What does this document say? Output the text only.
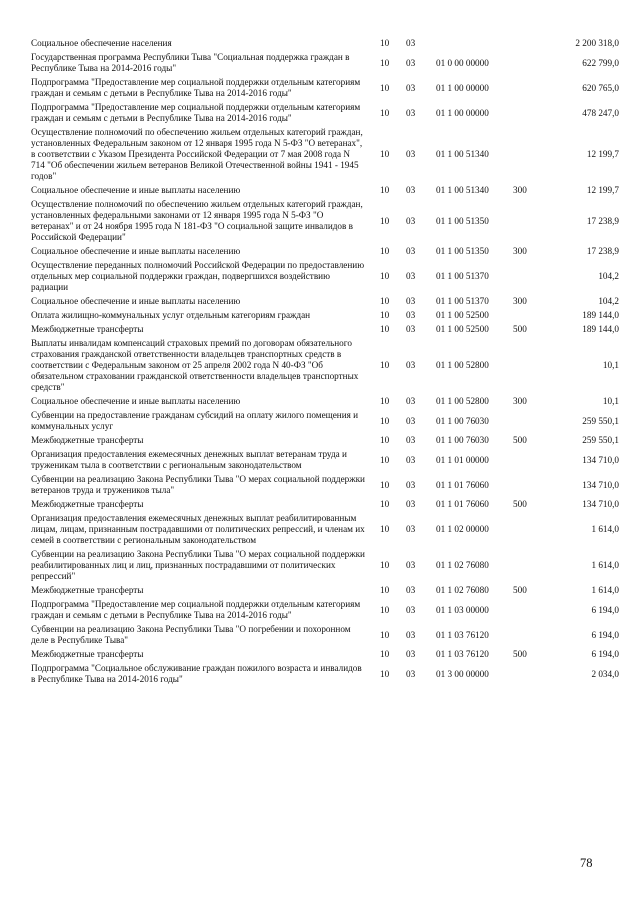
Социальное обеспечение населения	10	03			2 200 318,0
Государственная программа Республики Тыва "Социальная поддержка граждан в Республике Тыва на 2014-2016 годы"	10	03	01 0 00 00000		622 799,0
Подпрограмма "Предоставление мер социальной поддержки отдельным категориям граждан и семьям с детьми в Республике Тыва на 2014-2016 годы"	10	03	01 1 00 00000		620 765,0
Подпрограмма "Предоставление мер социальной поддержки отдельным категориям граждан и семьям с детьми в Республике Тыва на 2014-2016 годы"	10	03	01 1 00 00000		478 247,0
Осуществление полномочий по обеспечению жильем отдельных категорий граждан, установленных Федеральным законом от 12 января 1995 года N 5-ФЗ "О ветеранах", в соответствии с Указом Президента Российской Федерации от 7 мая 2008 года N 714 "Об обеспечении жильем ветеранов Великой Отечественной войны 1941 - 1945 годов"	10	03	01 1 00 51340		12 199,7
Социальное обеспечение и иные выплаты населению	10	03	01 1 00 51340	300	12 199,7
Осуществление полномочий по обеспечению жильем отдельных категорий граждан, установленных федеральными законами от 12 января 1995 года N 5-ФЗ "О ветеранах" и от 24 ноября 1995 года N 181-ФЗ "О социальной защите инвалидов в Российской Федерации"	10	03	01 1 00 51350		17 238,9
Социальное обеспечение и иные выплаты населению	10	03	01 1 00 51350	300	17 238,9
Осуществление переданных полномочий Российской Федерации по предоставлению отдельных мер социальной поддержки граждан, подвергшихся воздействию радиации	10	03	01 1 00 51370		104,2
Социальное обеспечение и иные выплаты населению	10	03	01 1 00 51370	300	104,2
Оплата жилищно-коммунальных услуг отдельным категориям граждан	10	03	01 1 00 52500		189 144,0
Межбюджетные трансферты	10	03	01 1 00 52500	500	189 144,0
Выплаты инвалидам компенсаций страховых премий по договорам обязательного страхования гражданской ответственности владельцев транспортных средств в соответствии с Федеральным законом от 25 апреля 2002 года N 40-ФЗ "Об обязательном страховании гражданской ответственности владельцев транспортных средств"	10	03	01 1 00 52800		10,1
Социальное обеспечение и иные выплаты населению	10	03	01 1 00 52800	300	10,1
Субвенции на предоставление гражданам субсидий на оплату жилого помещения и коммунальных услуг	10	03	01 1 00 76030		259 550,1
Межбюджетные трансферты	10	03	01 1 00 76030	500	259 550,1
Организация предоставления ежемесячных денежных выплат ветеранам труда и труженикам тыла в соответствии с региональным законодательством	10	03	01 1 01 00000		134 710,0
Субвенции на реализацию Закона Республики Тыва "О мерах социальной поддержки ветеранов труда и тружеников тыла"	10	03	01 1 01 76060		134 710,0
Межбюджетные трансферты	10	03	01 1 01 76060	500	134 710,0
Организация предоставления ежемесячных денежных выплат реабилитированным лицам, лицам, признанным пострадавшими от политических репрессий, и членам их семей в соответствии с региональным законодательством	10	03	01 1 02 00000		1 614,0
Субвенции на реализацию Закона Республики Тыва "О мерах социальной поддержки реабилитированных лиц и лиц, признанных пострадавшими от политических репрессий"	10	03	01 1 02 76080		1 614,0
Межбюджетные трансферты	10	03	01 1 02 76080	500	1 614,0
Подпрограмма "Предоставление мер социальной поддержки отдельным категориям граждан и семьям с детьми в Республике Тыва на 2014-2016 годы"	10	03	01 1 03 00000		6 194,0
Субвенции на реализацию Закона Республики Тыва "О погребении и похоронном деле в Республике Тыва"	10	03	01 1 03 76120		6 194,0
Межбюджетные трансферты	10	03	01 1 03 76120	500	6 194,0
Подпрограмма "Социальное обслуживание граждан пожилого возраста и инвалидов в Республике Тыва на 2014-2016 годы"	10	03	01 3 00 00000		2 034,0
78
